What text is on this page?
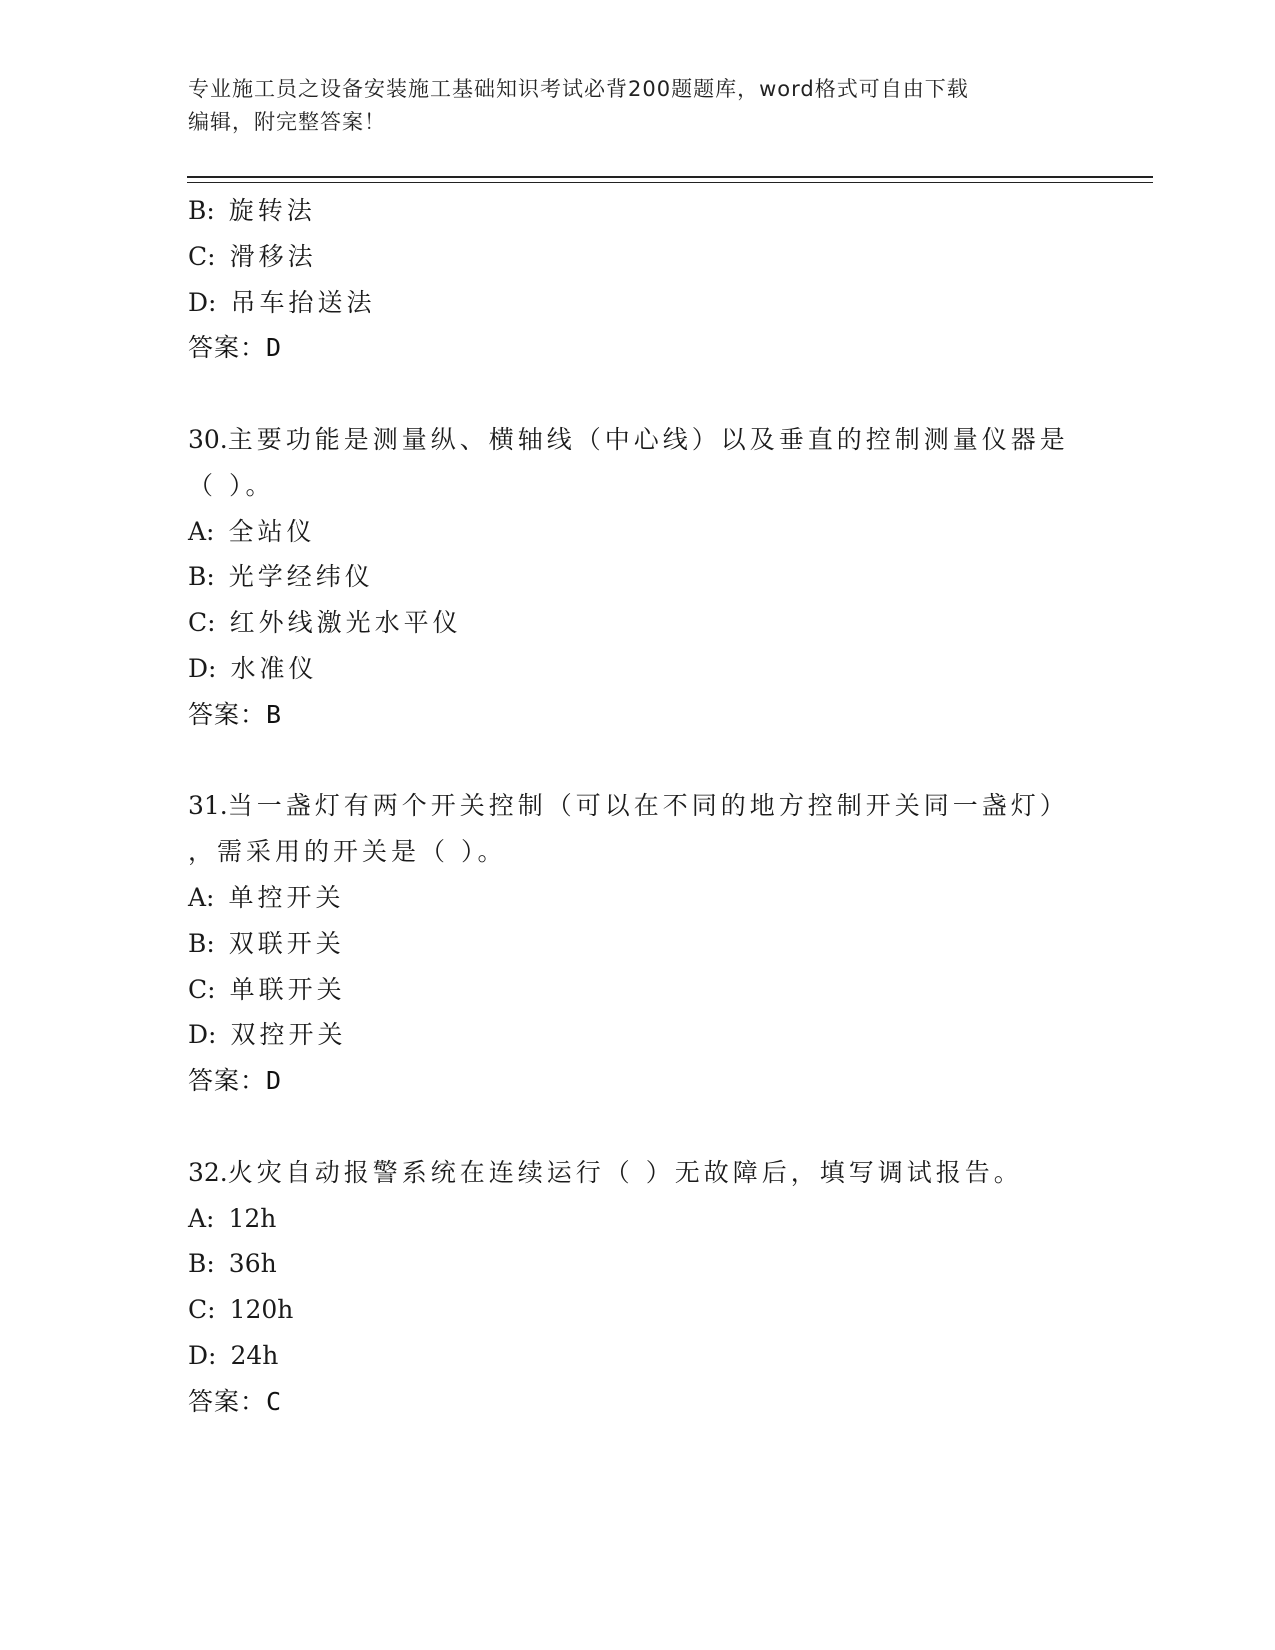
专业施工员之设备安装施工基础知识考试必背200题题库，word格式可自由下载
编辑，附完整答案！
B: 旋转法
C: 滑移法
D: 吊车抬送法
答案：D
30.主要功能是测量纵、横轴线（中心线）以及垂直的控制测量仪器是
（ ）。
A: 全站仪
B: 光学经纬仪
C: 红外线激光水平仪
D: 水准仪
答案：B
31.当一盏灯有两个开关控制（可以在不同的地方控制开关同一盏灯）
，需采用的开关是（ ）。
A: 单控开关
B: 双联开关
C: 单联开关
D: 双控开关
答案：D
32.火灾自动报警系统在连续运行（ ）无故障后，填写调试报告。
A: 12h
B: 36h
C: 120h
D: 24h
答案：C
